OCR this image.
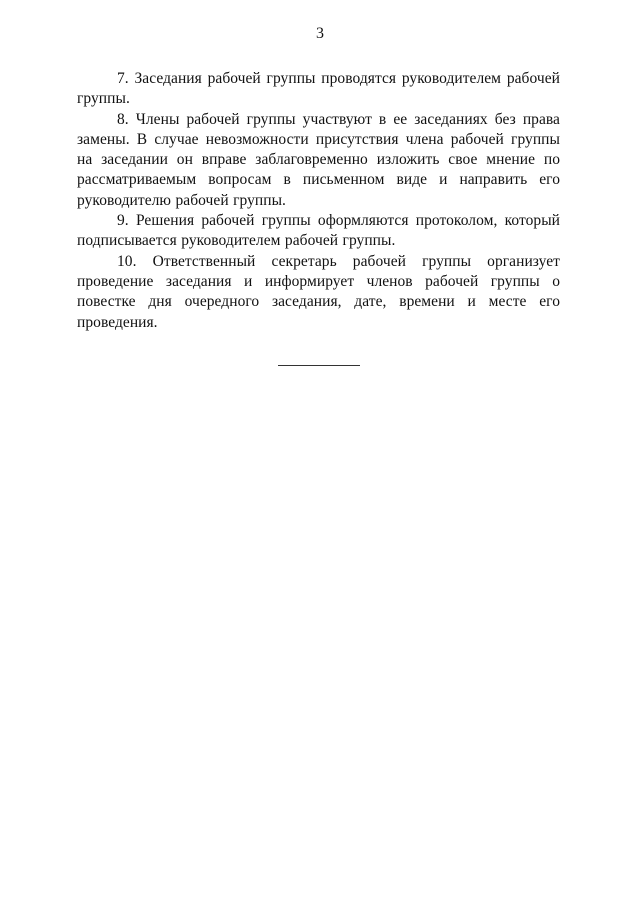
3

7. Заседания рабочей группы проводятся руководителем рабочей группы.

8. Члены рабочей группы участвуют в ее заседаниях без права замены. В случае невозможности присутствия члена рабочей группы на заседании он вправе заблаговременно изложить свое мнение по рассматриваемым вопросам в письменном виде и направить его руководителю рабочей группы.

9. Решения рабочей группы оформляются протоколом, который подписывается руководителем рабочей группы.

10. Ответственный секретарь рабочей группы организует проведение заседания и информирует членов рабочей группы о повестке дня очередного заседания, дате, времени и месте его проведения.
